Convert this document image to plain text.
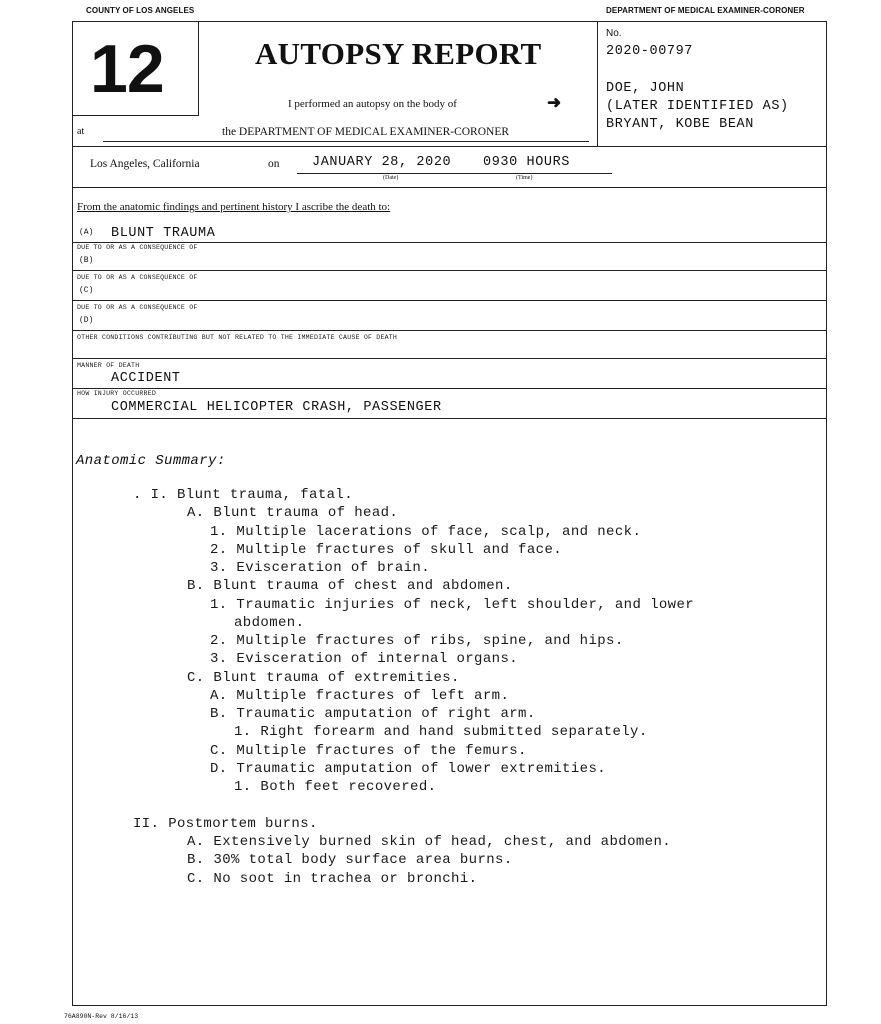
COUNTY OF LOS ANGELES	DEPARTMENT OF MEDICAL EXAMINER-CORONER
12	AUTOPSY REPORT
I performed an autopsy on the body of	➜
at	the DEPARTMENT OF MEDICAL EXAMINER-CORONER
No.
2020-00797
DOE, JOHN
(LATER IDENTIFIED AS)
BRYANT, KOBE BEAN
Los Angeles, California	on JANUARY 28, 2020 0930 HOURS
(Date)	(Time)
From the anatomic findings and pertinent history I ascribe the death to:
(A) BLUNT TRAUMA
DUE TO OR AS A CONSEQUENCE OF
(B)
DUE TO OR AS A CONSEQUENCE OF
(C)
DUE TO OR AS A CONSEQUENCE OF
(D)
OTHER CONDITIONS CONTRIBUTING BUT NOT RELATED TO THE IMMEDIATE CAUSE OF DEATH
MANNER OF DEATH
ACCIDENT
HOW INJURY OCCURRED
COMMERCIAL HELICOPTER CRASH, PASSENGER
Anatomic Summary:
. I. Blunt trauma, fatal.
A. Blunt trauma of head.
1. Multiple lacerations of face, scalp, and neck.
2. Multiple fractures of skull and face.
3. Evisceration of brain.
B. Blunt trauma of chest and abdomen.
1. Traumatic injuries of neck, left shoulder, and lower
abdomen.
2. Multiple fractures of ribs, spine, and hips.
3. Evisceration of internal organs.
C. Blunt trauma of extremities.
A. Multiple fractures of left arm.
B. Traumatic amputation of right arm.
1. Right forearm and hand submitted separately.
C. Multiple fractures of the femurs.
D. Traumatic amputation of lower extremities.
1. Both feet recovered.
II. Postmortem burns.
A. Extensively burned skin of head, chest, and abdomen.
B. 30% total body surface area burns.
C. No soot in trachea or bronchi.
76A890N-Rev 8/16/13
